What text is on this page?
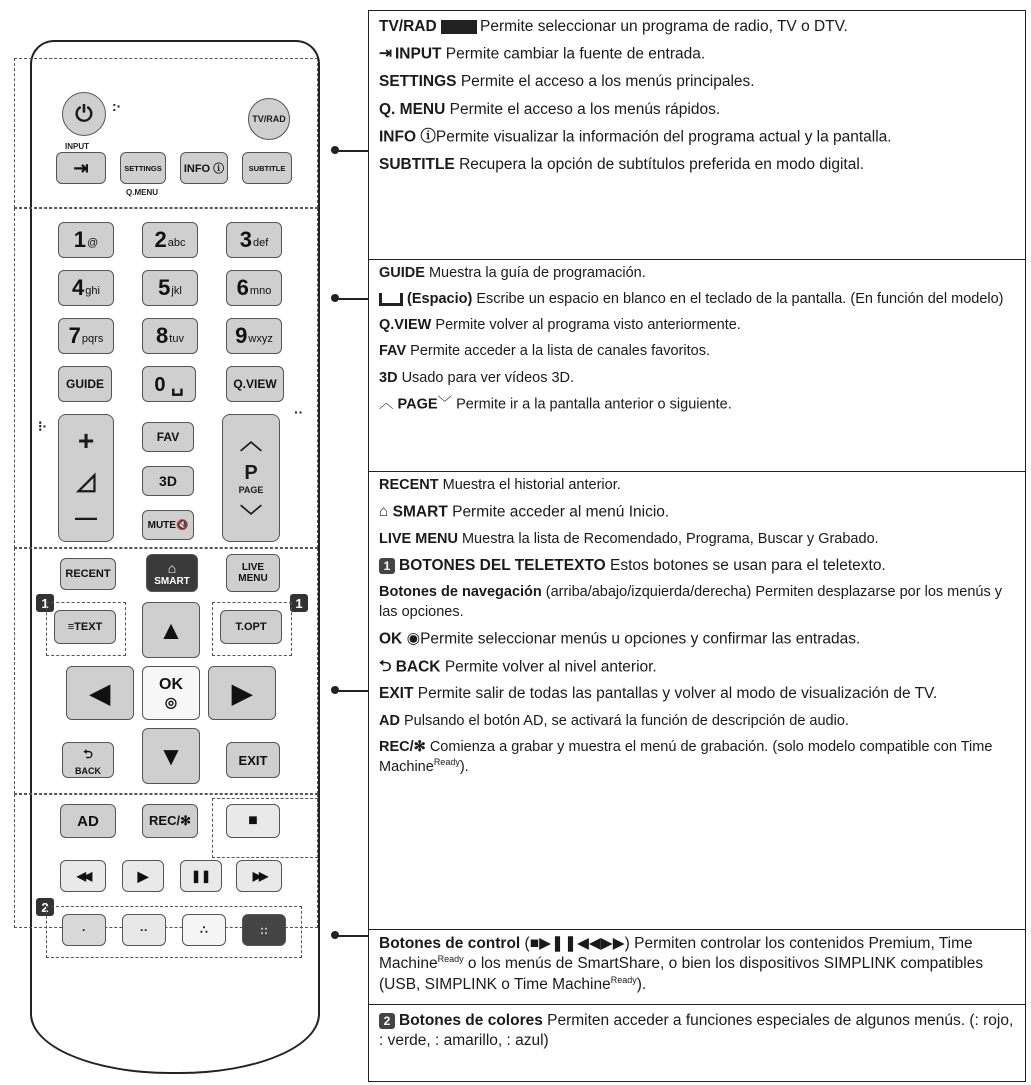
⏻	:·
TV/RAD
INPUT
⇥	SETTINGS
Q.MENU
INFO ⓘ	SUBTITLE
GUIDE	0 ␣	Q.VIEW
⁝·
··
+
◿
—
FAV
3D
MUTE🔇
︿
P
PAGE
﹀
RECENT	⌂
SMART
LIVE MENU
1
≡TEXT
1
T.OPT
▲
◀	OK
◎	▶
▼
⮌
BACK
EXIT
AD	REC/✻	■
◀◀	▶	❚❚	▶▶
2
1 @	2 abc 3 def
4 ghi	5 jkl 6 mno
7 pqrs 8 tuv 9 wxyz
·	··	∴	::

TV/RAD	Permite seleccionar un programa de radio, TV o DTV.

⇥ INPUT Permite cambiar la fuente de entrada.

SETTINGS Permite el acceso a los menús principales.

Q. MENU Permite el acceso a los menús rápidos.

INFO ⓘPermite visualizar la información del programa actual y la pantalla.

SUBTITLE Recupera la opción de subtítulos preferida en modo digital.

GUIDE Muestra la guía de programación.

(Espacio) Escribe un espacio en blanco en el teclado de la pantalla. (En función del modelo)

Q.VIEW Permite volver al programa visto anteriormente.

FAV Permite acceder a la lista de canales favoritos.

3D Usado para ver vídeos 3D.

︿ PAGE﹀ Permite ir a la pantalla anterior o siguiente.

RECENT Muestra el historial anterior.

⌂ SMART Permite acceder al menú Inicio.

LIVE MENU Muestra la lista de Recomendado, Programa, Buscar y Grabado.

1 BOTONES DEL TELETEXTO Estos botones se usan para el teletexto.

Botones de navegación (arriba/abajo/izquierda/derecha) Permiten desplazarse por los menús y las opciones.

OK ◉Permite seleccionar menús u opciones y confirmar las entradas.

⮌ BACK Permite volver al nivel anterior.

EXIT Permite salir de todas las pantallas y volver al modo de visualización de TV.

AD Pulsando el botón AD, se activará la función de descripción de audio.

REC/✻ Comienza a grabar y muestra el menú de grabación. (solo modelo compatible con Time Machine$^{Ready}$).

Botones de control (■▶❚❚◀◀▶▶) Permiten controlar los contenidos Premium, Time Machine$^{Ready}$ o los menús de SmartShare, o bien los dispositivos SIMPLINK compatibles (USB, SIMPLINK o Time Machine$^{Ready}$).

2 Botones de colores Permiten acceder a funciones especiales de algunos menús. (: rojo, : verde, : amarillo, : azul)
